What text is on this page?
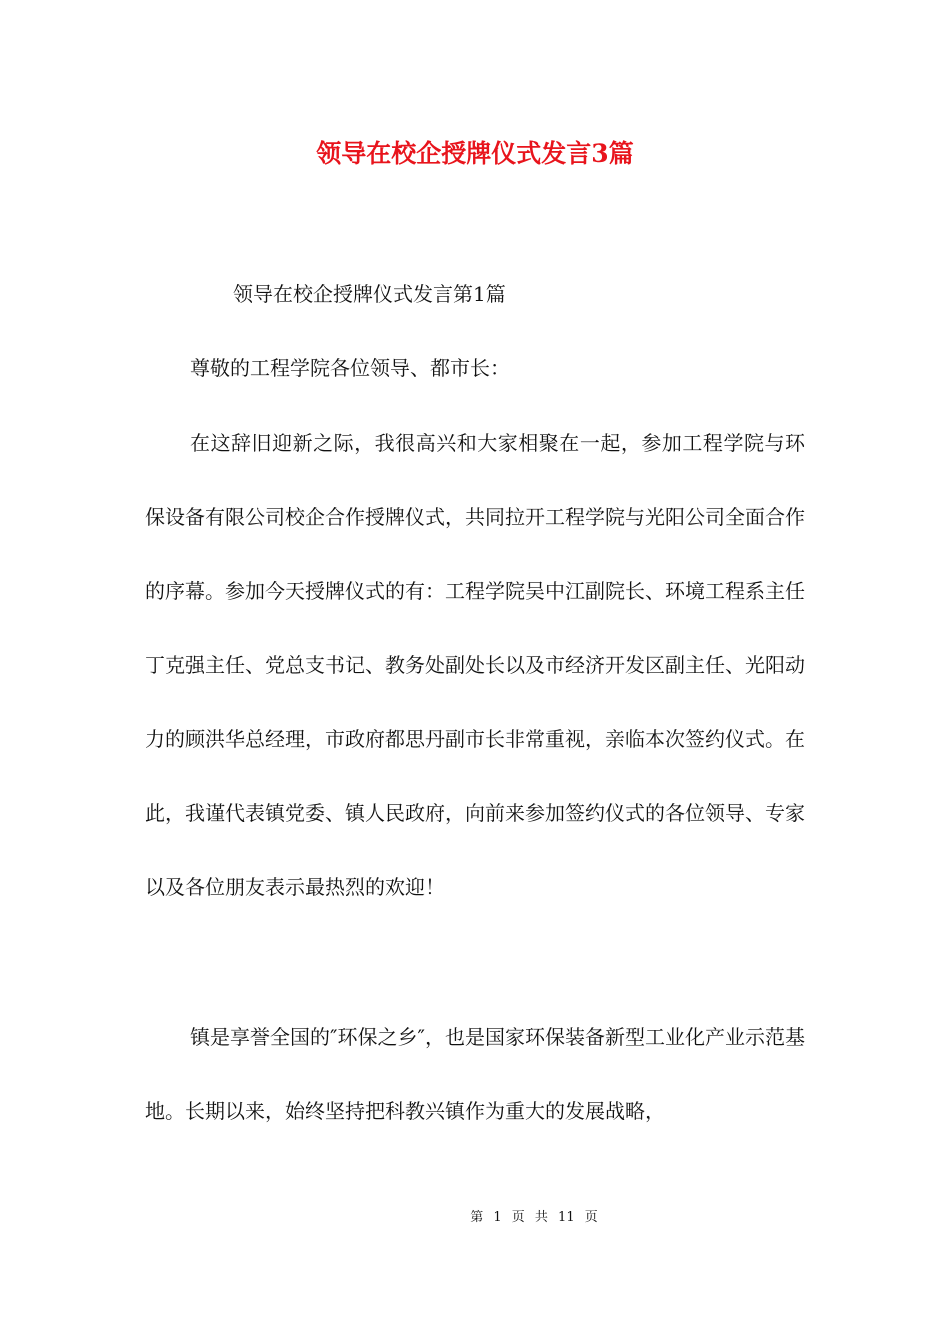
领导在校企授牌仪式发言3篇

领导在校企授牌仪式发言第1篇

尊敬的工程学院各位领导、都市长：

在这辞旧迎新之际，我很高兴和大家相聚在一起，参加工程学院与环保设备有限公司校企合作授牌仪式，共同拉开工程学院与光阳公司全面合作的序幕。参加今天授牌仪式的有：工程学院吴中江副院长、环境工程系主任丁克强主任、党总支书记、教务处副处长以及市经济开发区副主任、光阳动力的顾洪华总经理，市政府都思丹副市长非常重视，亲临本次签约仪式。在此，我谨代表镇党委、镇人民政府，向前来参加签约仪式的各位领导、专家以及各位朋友表示最热烈的欢迎！

镇是享誉全国的″环保之乡″，也是国家环保装备新型工业化产业示范基地。长期以来，始终坚持把科教兴镇作为重大的发展战略，

第 1 页 共 11 页
